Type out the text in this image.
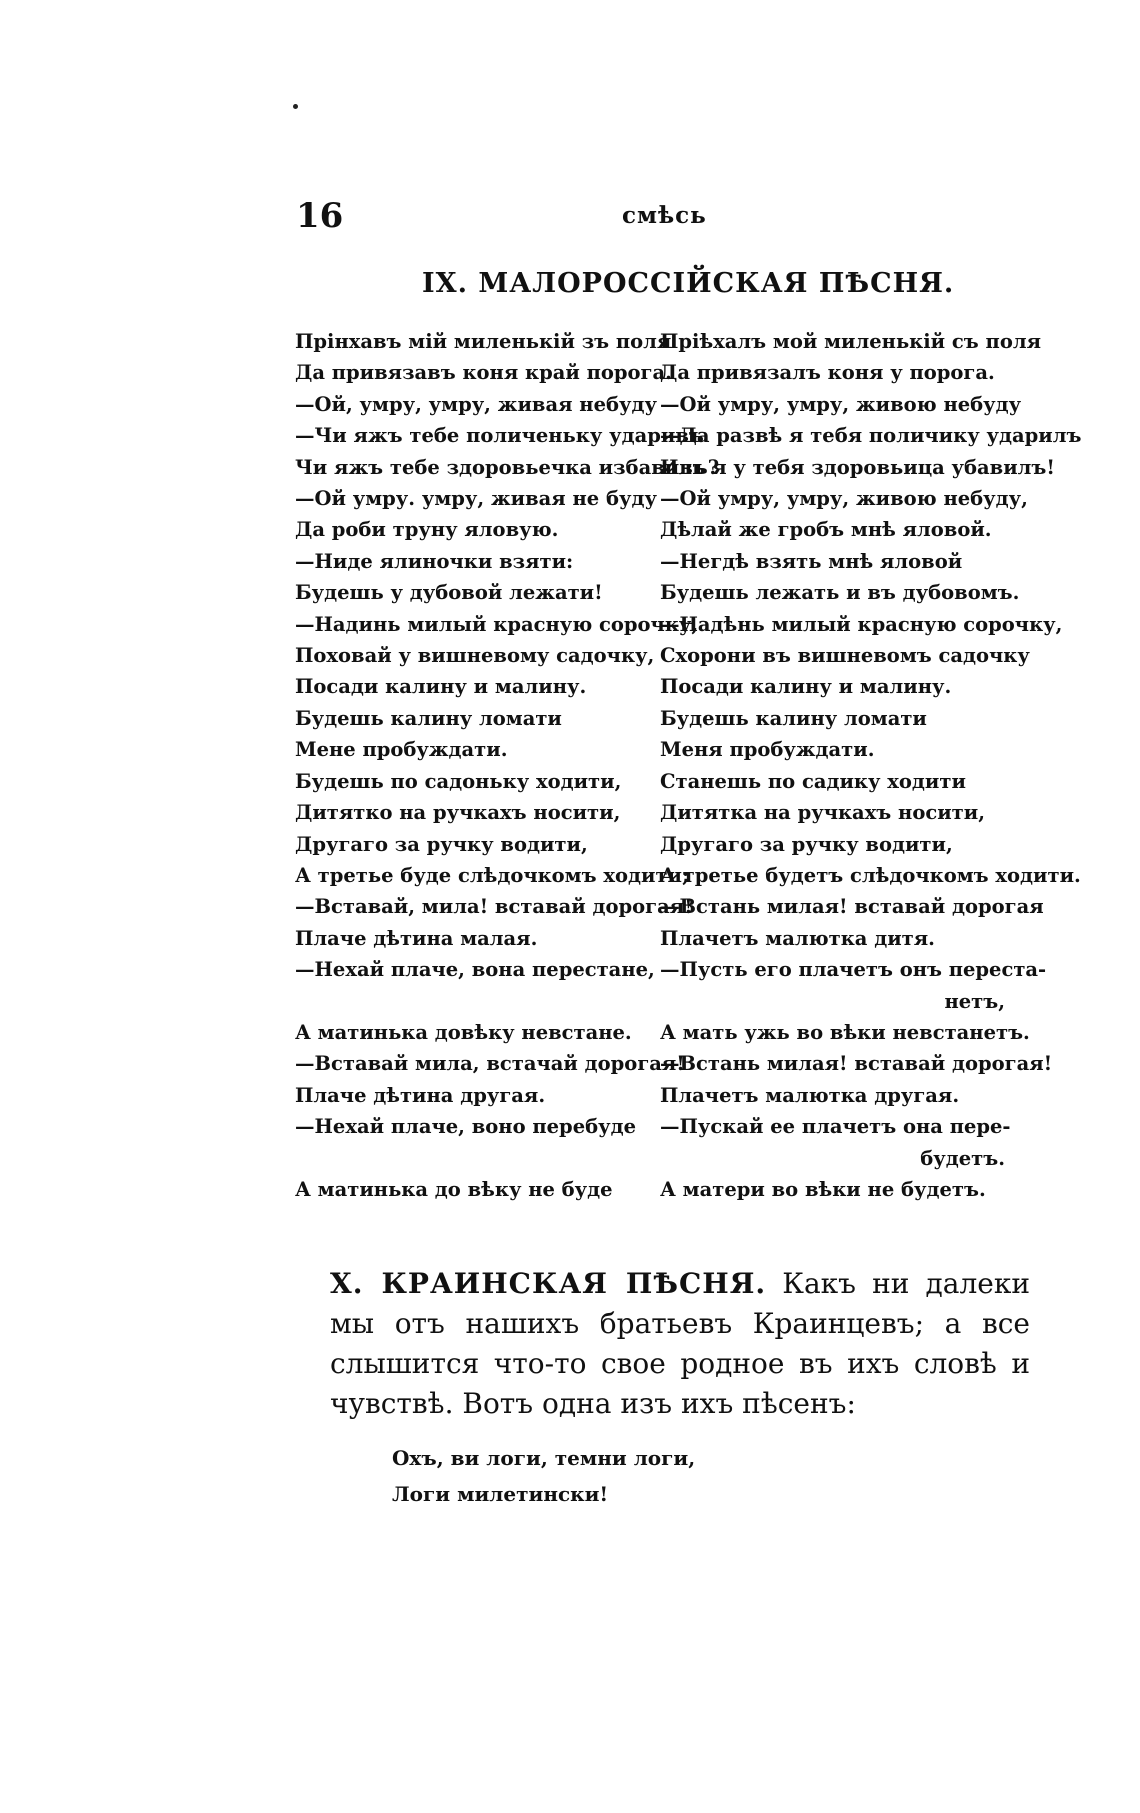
16	смѣсь
IX. МАЛОРОССІЙСКАЯ ПѢСНЯ.
Прінхавъ мій миленькій зъ поля
Да привязавъ коня край порога.
—Ой, умру, умру, живая небуду
—Чи яжъ тебе поличеньку ударивъ
Чи яжъ тебе здоровьечка избавивъ?
—Ой умру. умру, живая не буду
Да роби труну яловую.
—Ниде ялиночки взяти:
Будешь у дубовой лежати!
—Надинь милый красную сорочку,
Поховай у вишневому садочку,
Посади калину и малину.
Будешь калину ломати
Мене пробуждати.
Будешь по садоньку ходити,
Дитятко на ручкахъ носити,
Другаго за ручку водити,
А третье буде слѣдочкомъ ходити;
—Вставай, мила! вставай дорогая!
Плаче дѣтина малая.
—Нехай плаче, вона перестане,

А матинька довѣку невстане.
—Вставай мила, встачай дорогая!
Плаче дѣтина другая.
—Нехай плаче, воно перебуде

А матинька до вѣку не буде
Пріѣхалъ мой миленькій съ поля
Да привязалъ коня у порога.
—Ой умру, умру, живою небуду
—Да развѣ я тебя поличику ударилъ
Иль я у тебя здоровьица убавилъ!
—Ой умру, умру, живою небуду,
Дѣлай же гробъ мнѣ яловой.
—Негдѣ взять мнѣ яловой
Будешь лежать и въ дубовомъ.
—Надѣнь милый красную сорочку,
Схорони въ вишневомъ садочку
Посади калину и малину.
Будешь калину ломати
Меня пробуждати.
Станешь по садику ходити
Дитятка на ручкахъ носити,
Другаго за ручку водити,
А третье будетъ слѣдочкомъ ходити.
—Встань милая! вставай дорогая
Плачетъ малютка дитя.
—Пусть его плачетъ онъ переста-
нетъ,
А мать ужь во вѣки невстанетъ.
—Встань милая! вставай дорогая!
Плачетъ малютка другая.
—Пускай ее плачетъ она пере-
будетъ.
А матери во вѣки не будетъ.

X. КРАИНСКАЯ ПѢСНЯ. Какъ ни далеки мы отъ нашихъ братьевъ Краинцевъ; а все слышится что-то свое родное въ ихъ словѣ и чувствѣ. Вотъ одна изъ ихъ пѣсенъ:

Охъ, ви логи, темни логи,
Логи милетински!
